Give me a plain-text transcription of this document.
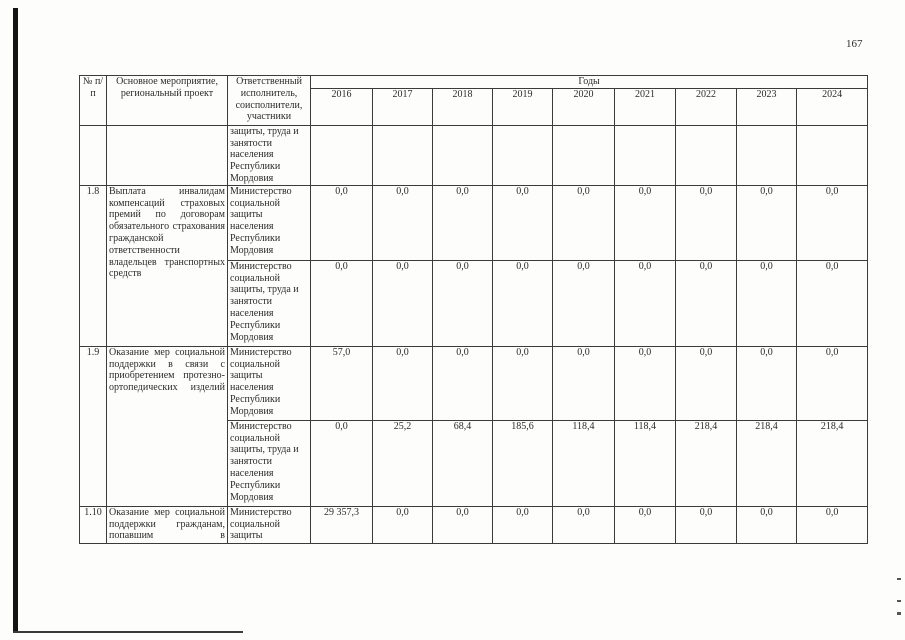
167
№ п/п	Основное мероприятие, региональный проект	Ответственный исполнитель, соисполнители, участники	Годы								
			2016	2017	2018	2019	2020	2021	2022	2023	2024
		защиты, труда и занятости населения Республики Мордовия									
1.8	Выплата инвалидам компенсаций страховых премий по договорам обязательного страхования гражданской ответственности владельцев транспортных средств	Министерство социальной защиты населения Республики Мордовия	0,0	0,0	0,0	0,0	0,0	0,0	0,0	0,0	0,0
		Министерство социальной защиты, труда и занятости населения Республики Мордовия	0,0	0,0	0,0	0,0	0,0	0,0	0,0	0,0	0,0
1.9	Оказание мер социальной поддержки в связи с приобретением протезно-ортопедических изделий	Министерство социальной защиты населения Республики Мордовия	57,0	0,0	0,0	0,0	0,0	0,0	0,0	0,0	0,0
		Министерство социальной защиты, труда и занятости населения Республики Мордовия	0,0	25,2	68,4	185,6	118,4	118,4	218,4	218,4	218,4
1.10	Оказание мер социальной поддержки гражданам, попавшим в	Министерство социальной защиты	29 357,3	0,0	0,0	0,0	0,0	0,0	0,0	0,0	0,0
